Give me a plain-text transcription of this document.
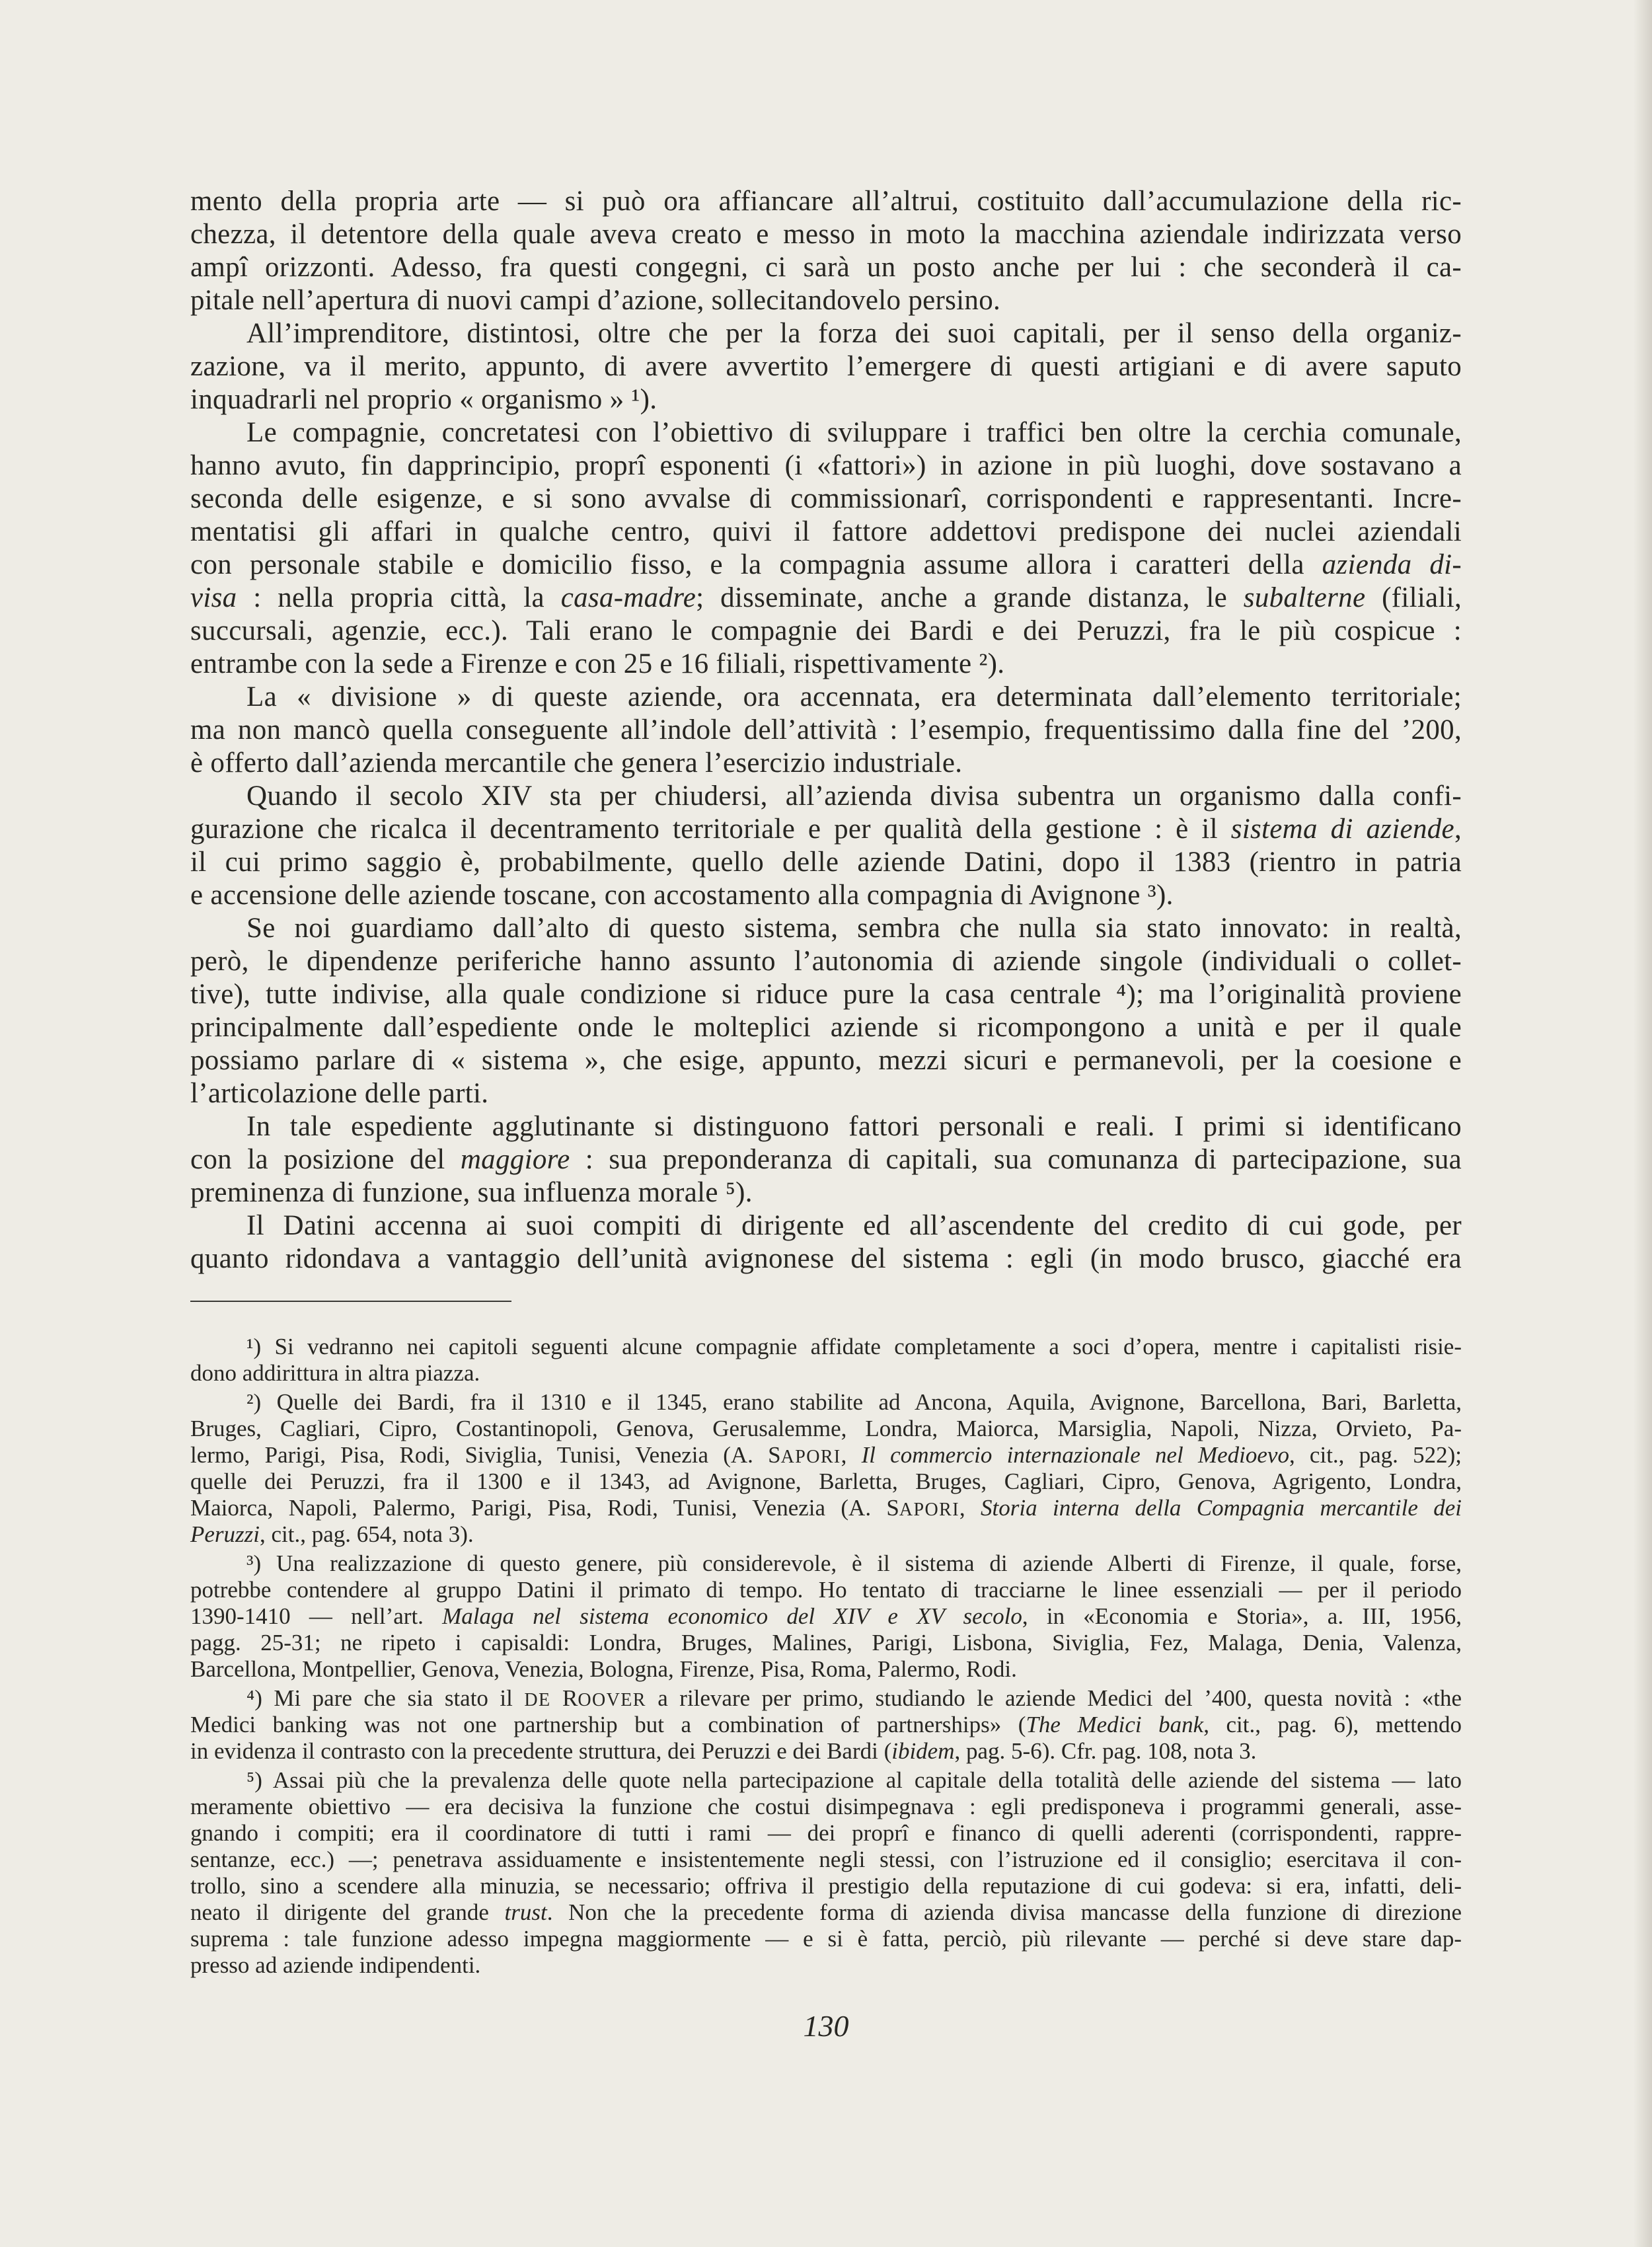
mento della propria arte — si può ora affiancare all’altrui, costituito dall’accumulazione della ric-
chezza, il detentore della quale aveva creato e messo in moto la macchina aziendale indirizzata verso
ampî orizzonti. Adesso, fra questi congegni, ci sarà un posto anche per lui : che seconderà il ca-
pitale nell’apertura di nuovi campi d’azione, sollecitandovelo persino.
All’imprenditore, distintosi, oltre che per la forza dei suoi capitali, per il senso della organiz-
zazione, va il merito, appunto, di avere avvertito l’emergere di questi artigiani e di avere saputo
inquadrarli nel proprio « organismo » ¹).
Le compagnie, concretatesi con l’obiettivo di sviluppare i traffici ben oltre la cerchia comunale,
hanno avuto, fin dapprincipio, proprî esponenti (i «fattori») in azione in più luoghi, dove sostavano a
seconda delle esigenze, e si sono avvalse di commissionarî, corrispondenti e rappresentanti. Incre-
mentatisi gli affari in qualche centro, quivi il fattore addettovi predispone dei nuclei aziendali
con personale stabile e domicilio fisso, e la compagnia assume allora i caratteri della azienda di-
visa : nella propria città, la casa-madre; disseminate, anche a grande distanza, le subalterne (filiali,
succursali, agenzie, ecc.). Tali erano le compagnie dei Bardi e dei Peruzzi, fra le più cospicue :
entrambe con la sede a Firenze e con 25 e 16 filiali, rispettivamente ²).
La « divisione » di queste aziende, ora accennata, era determinata dall’elemento territoriale;
ma non mancò quella conseguente all’indole dell’attività : l’esempio, frequentissimo dalla fine del ’200,
è offerto dall’azienda mercantile che genera l’esercizio industriale.
Quando il secolo XIV sta per chiudersi, all’azienda divisa subentra un organismo dalla confi-
gurazione che ricalca il decentramento territoriale e per qualità della gestione : è il sistema di aziende,
il cui primo saggio è, probabilmente, quello delle aziende Datini, dopo il 1383 (rientro in patria
e accensione delle aziende toscane, con accostamento alla compagnia di Avignone ³).
Se noi guardiamo dall’alto di questo sistema, sembra che nulla sia stato innovato: in realtà,
però, le dipendenze periferiche hanno assunto l’autonomia di aziende singole (individuali o collet-
tive), tutte indivise, alla quale condizione si riduce pure la casa centrale ⁴); ma l’originalità proviene
principalmente dall’espediente onde le molteplici aziende si ricompongono a unità e per il quale
possiamo parlare di « sistema », che esige, appunto, mezzi sicuri e permanevoli, per la coesione e
l’articolazione delle parti.
In tale espediente agglutinante si distinguono fattori personali e reali. I primi si identificano
con la posizione del maggiore : sua preponderanza di capitali, sua comunanza di partecipazione, sua
preminenza di funzione, sua influenza morale ⁵).
Il Datini accenna ai suoi compiti di dirigente ed all’ascendente del credito di cui gode, per
quanto ridondava a vantaggio dell’unità avignonese del sistema : egli (in modo brusco, giacché era
¹) Si vedranno nei capitoli seguenti alcune compagnie affidate completamente a soci d’opera, mentre i capitalisti risie-
dono addirittura in altra piazza.
²) Quelle dei Bardi, fra il 1310 e il 1345, erano stabilite ad Ancona, Aquila, Avignone, Barcellona, Bari, Barletta,
Bruges, Cagliari, Cipro, Costantinopoli, Genova, Gerusalemme, Londra, Maiorca, Marsiglia, Napoli, Nizza, Orvieto, Pa-
lermo, Parigi, Pisa, Rodi, Siviglia, Tunisi, Venezia (A. SAPORI, Il commercio internazionale nel Medioevo, cit., pag. 522);
quelle dei Peruzzi, fra il 1300 e il 1343, ad Avignone, Barletta, Bruges, Cagliari, Cipro, Genova, Agrigento, Londra,
Maiorca, Napoli, Palermo, Parigi, Pisa, Rodi, Tunisi, Venezia (A. SAPORI, Storia interna della Compagnia mercantile dei
Peruzzi, cit., pag. 654, nota 3).
³) Una realizzazione di questo genere, più considerevole, è il sistema di aziende Alberti di Firenze, il quale, forse,
potrebbe contendere al gruppo Datini il primato di tempo. Ho tentato di tracciarne le linee essenziali — per il periodo
1390-1410 — nell’art. Malaga nel sistema economico del XIV e XV secolo, in «Economia e Storia», a. III, 1956,
pagg. 25-31; ne ripeto i capisaldi: Londra, Bruges, Malines, Parigi, Lisbona, Siviglia, Fez, Malaga, Denia, Valenza,
Barcellona, Montpellier, Genova, Venezia, Bologna, Firenze, Pisa, Roma, Palermo, Rodi.
⁴) Mi pare che sia stato il DE ROOVER a rilevare per primo, studiando le aziende Medici del ’400, questa novità : «the
Medici banking was not one partnership but a combination of partnerships» (The Medici bank, cit., pag. 6), mettendo
in evidenza il contrasto con la precedente struttura, dei Peruzzi e dei Bardi (ibidem, pag. 5-6). Cfr. pag. 108, nota 3.
⁵) Assai più che la prevalenza delle quote nella partecipazione al capitale della totalità delle aziende del sistema — lato
meramente obiettivo — era decisiva la funzione che costui disimpegnava : egli predisponeva i programmi generali, asse-
gnando i compiti; era il coordinatore di tutti i rami — dei proprî e financo di quelli aderenti (corrispondenti, rappre-
sentanze, ecc.) —; penetrava assiduamente e insistentemente negli stessi, con l’istruzione ed il consiglio; esercitava il con-
trollo, sino a scendere alla minuzia, se necessario; offriva il prestigio della reputazione di cui godeva: si era, infatti, deli-
neato il dirigente del grande trust. Non che la precedente forma di azienda divisa mancasse della funzione di direzione
suprema : tale funzione adesso impegna maggiormente — e si è fatta, perciò, più rilevante — perché si deve stare dap-
presso ad aziende indipendenti.
130
